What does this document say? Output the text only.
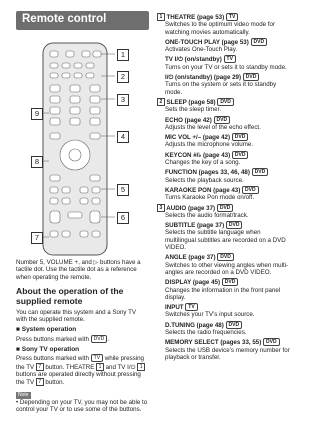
Remote control
1
2
3
4
5
6
9
8
7

Number 5, VOLUME +, and ▷ buttons have a tactile dot. Use the tactile dot as a reference when operating the remote.

About the operation of the supplied remote

You can operate this system and a Sony TV with the supplied remote.

■ System operation

Press buttons marked with DVD .

■ Sony TV operation

Press buttons marked with TV while pressing the TV 7 button. THEATRE 1 and TV I/⏻ 1 buttons are operated directly without pressing the TV 7 button.

Note

• Depending on your TV, you may not be able to control your TV or to use some of the buttons.

1 THEATRE (page 53) TV
Switches to the optimum video mode for watching movies automatically.
ONE-TOUCH PLAY (page 53) DVD
Activates One-Touch Play.
TV I/⏻ (on/standby) TV
Turns on your TV or sets it to standby mode.
I/⏻ (on/standby) (page 29) DVD
Turns on the system or sets it to standby mode.
2 SLEEP (page 58) DVD
Sets the sleep timer.
ECHO (page 42) DVD
Adjusts the level of the echo effect.
MIC VOL +/– (page 42) DVD
Adjusts the microphone volume.
KEYCON #/♭ (page 43) DVD
Changes the key of a song.
FUNCTION (pages 33, 46, 48) DVD
Selects the playback source.
KARAOKE PON (page 43) DVD
Turns Karaoke Pon mode on/off.
3 AUDIO (page 37) DVD
Selects the audio format/track.
SUBTITLE (page 37) DVD
Selects the subtitle language when multilingual subtitles are recorded on a DVD VIDEO.
ANGLE (page 37) DVD
Switches to other viewing angles when multi-angles are recorded on a DVD VIDEO.
DISPLAY (page 45) DVD
Changes the information in the front panel display.
INPUT TV
Switches your TV’s input source.
D.TUNING (page 48) DVD
Selects the radio frequencies.
MEMORY SELECT (pages 33, 55) DVD
Selects the USB device’s memory number for playback or transfer.
